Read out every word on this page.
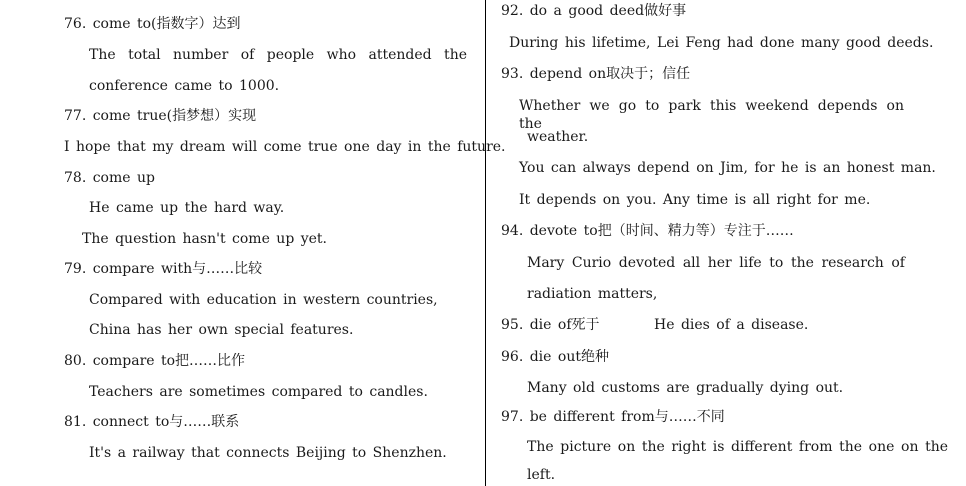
76. come to(指数字）达到
The total number of people who attended the
conference came to 1000.
77. come true(指梦想）实现
I hope that my dream will come true one day in the future.
78. come up
He came up the hard way.
The question hasn't come up yet.
79. compare with与……比较
Compared with education in western countries,
China has her own special features.
80. compare to把……比作
Teachers are sometimes compared to candles.
81. connect to与……联系
It's a railway that connects Beijing to Shenzhen.
92. do a good deed做好事
During his lifetime, Lei Feng had done many good deeds.
93. depend on取决于；信任
Whether we go to park this weekend depends on the
weather.
You can always depend on Jim, for he is an honest man.
It depends on you. Any time is all right for me.
94. devote to把（时间、精力等）专注于……
Mary Curio devoted all her life to the research of
radiation matters,
95. die of死于	He dies of a disease.
96. die out绝种
Many old customs are gradually dying out.
97. be different from与……不同
The picture on the right is different from the one on the
left.
